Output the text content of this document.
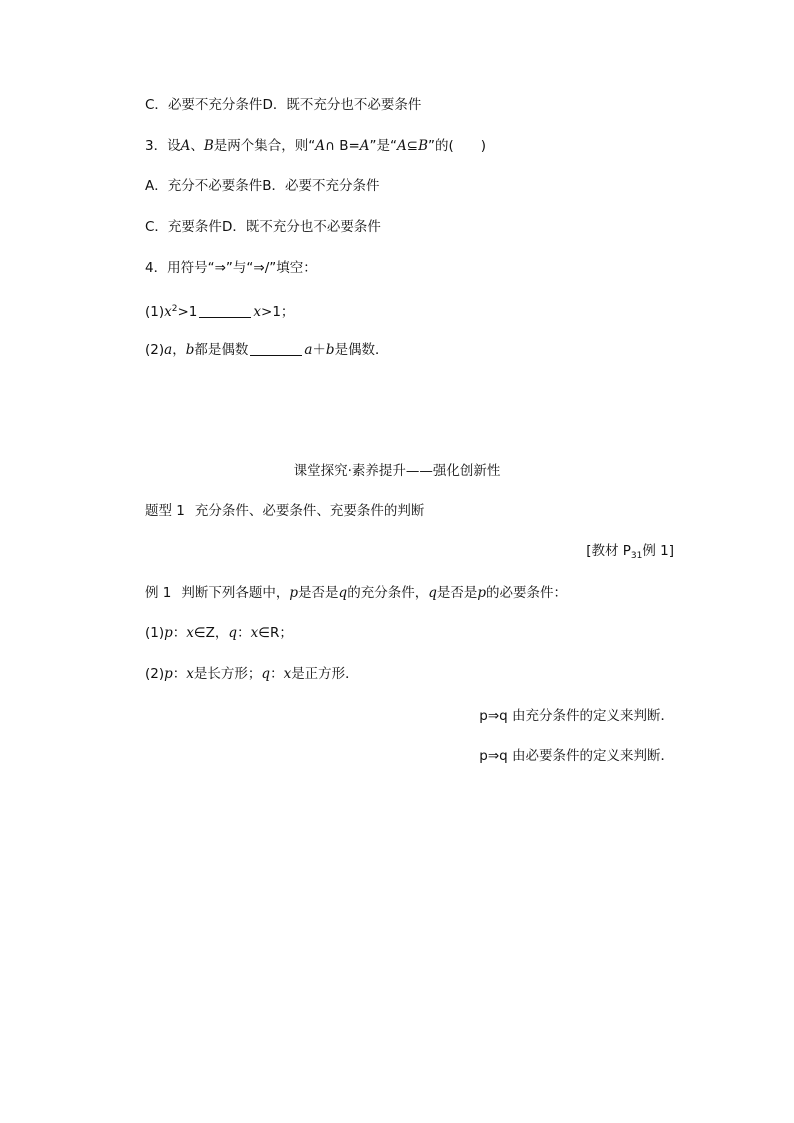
C．必要不充分条件D．既不充分也不必要条件
3．设A、B是两个集合，则“A∩ B=A”是“A⊆B”的(　　)
A．充分不必要条件B．必要不充分条件
C．充要条件D．既不充分也不必要条件
4．用符号“⇒”与“⇒/”填空：
$(1)x^2>1$	x>1；
(2)a，b都是偶数	a＋b是偶数．
课堂探究·素养提升——强化创新性
题型 1 充分条件、必要条件、充要条件的判断
[教材 $P_{31}$例 1]
例 1 判断下列各题中，p是否是q的充分条件，q是否是p的必要条件：
(1)p：x∈Z，q：x∈R；
(2)p：x是长方形；q：x是正方形．
p⇒q 由充分条件的定义来判断．
p⇒q 由必要条件的定义来判断．
